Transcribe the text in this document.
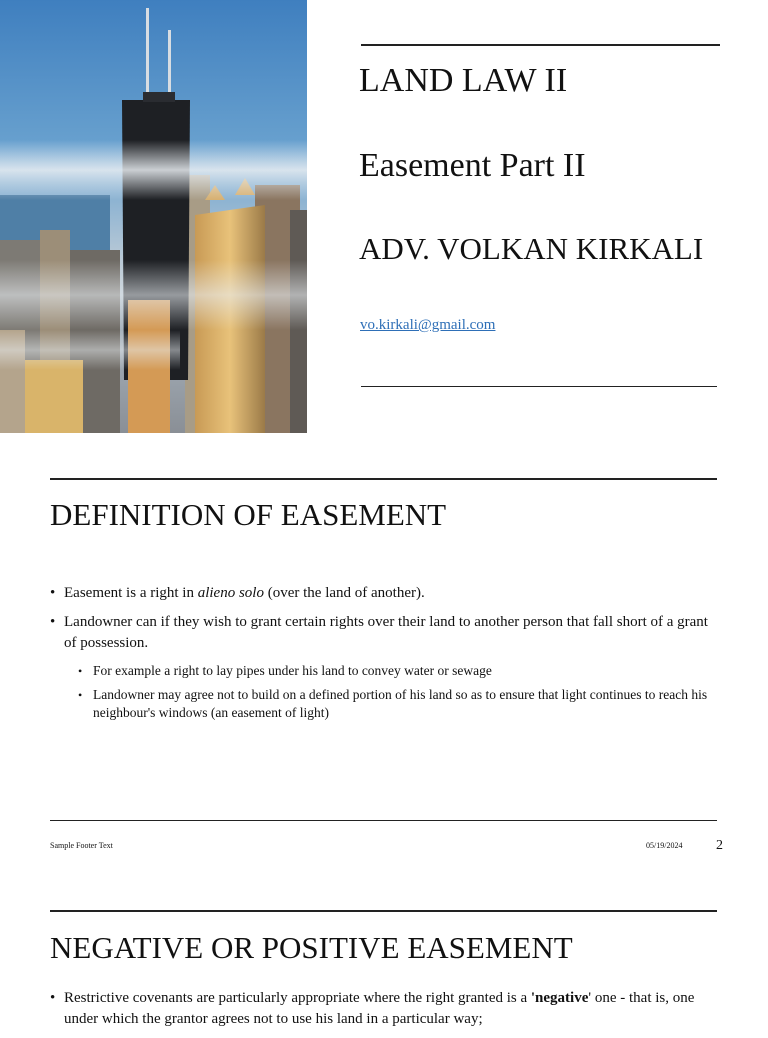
LAND LAW II
Easement Part II
ADV. VOLKAN KIRKALI
vo.kirkali@gmail.com
DEFINITION OF EASEMENT
• Easement is a right in alieno solo (over the land of another).
• Landowner can if they wish to grant certain rights over their land to another person that fall short of a grant of possession.
• For example a right to lay pipes under his land to convey water or sewage
• Landowner may agree not to build on a defined portion of his land so as to ensure that light continues to reach his neighbour's windows (an easement of light)
Sample Footer Text	05/19/2024 2
NEGATIVE OR POSITIVE EASEMENT
• Restrictive covenants are particularly appropriate where the right granted is a 'negative' one - that is, one under which the grantor agrees not to use his land in a particular way;
